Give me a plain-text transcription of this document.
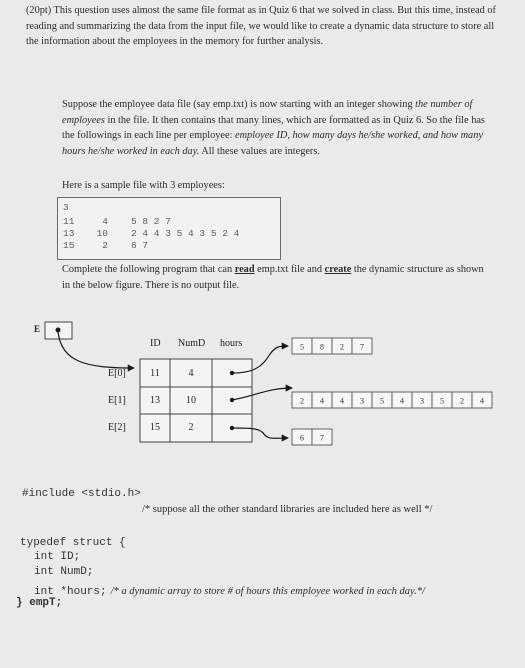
(20pt) This question uses almost the same file format as in Quiz 6 that we solved in class. But this time, instead of reading and summarizing the data from the input file, we would like to create a dynamic data structure to store all the information about the employees in the memory for further analysis.
Suppose the employee data file (say emp.txt) is now starting with an integer showing the number of employees in the file. It then contains that many lines, which are formatted as in Quiz 6. So the file has the followings in each line per employee: employee ID, how many days he/she worked, and how many hours he/she worked in each day. All these values are integers.
Here is a sample file with 3 employees:
3
11
13
15
4
10
2
5 8 2 7
2 4 4 3 5 4 3 5 2 4
6 7
Complete the following program that can read emp.txt file and create the dynamic structure as shown in the below figure. There is no output file.
E
ID NumD hours
E[0]
E[1]
E[2]
11
13
15
4
10
2
5 8 2 7
2 4 4 3 5 4 3 5 2 4
6 7
#include <stdio.h>
/* suppose all the other standard libraries are included here as well */
typedef struct {
int ID;
int NumD;
int *hours; /* a dynamic array to store # of hours this employee worked in each day.*/
} empT;
